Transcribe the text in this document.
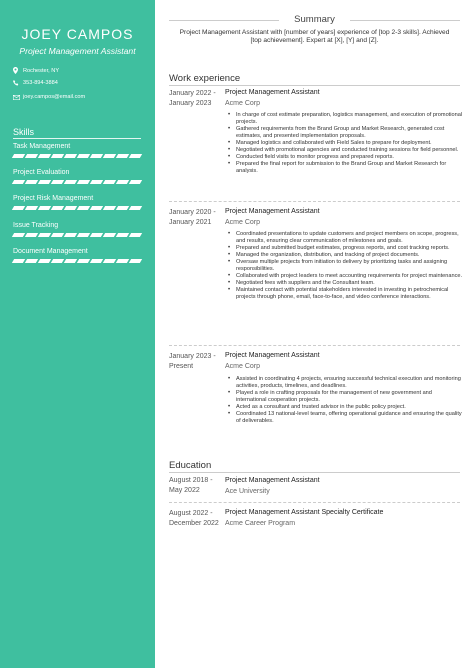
JOEY CAMPOS
Project Management Assistant
Rochester, NY
353-894-3884
joey.campos@email.com
Skills
Task Management
Project Evaluation
Project Risk Management
Issue Tracking
Document Management
Summary
Project Management Assistant with [number of years] experience of [top 2-3 skills]. Achieved [top achievement]. Expert at [X], [Y] and [Z].
Work experience
January 2022 -
January 2023
Project Management Assistant
Acme Corp
• In charge of cost estimate preparation, logistics management, and execution of promotional projects.
• Gathered requirements from the Brand Group and Market Research, generated cost estimates, and presented implementation proposals.
• Managed logistics and collaborated with Field Sales to prepare for deployment.
• Negotiated with promotional agencies and conducted training sessions for field personnel.
• Conducted field visits to monitor progress and prepared reports.
• Prepared the final report for submission to the Brand Group and Market Research for analysis.
January 2020 -
January 2021
Project Management Assistant
Acme Corp
• Coordinated presentations to update customers and project members on scope, progress, and results, ensuring clear communication of milestones and goals.
• Prepared and submitted budget estimates, progress reports, and cost tracking reports.
• Managed the organization, distribution, and tracking of project documents.
• Oversaw multiple projects from initiation to delivery by prioritizing tasks and assigning responsibilities.
• Collaborated with project leaders to meet accounting requirements for project maintenance.
• Negotiated fees with suppliers and the Consultant team.
• Maintained contact with potential stakeholders interested in investing in petrochemical projects through phone, email, face-to-face, and video conference interactions.
January 2023 -
Present
Project Management Assistant
Acme Corp
• Assisted in coordinating 4 projects, ensuring successful technical execution and monitoring activities, products, timelines, and deadlines.
• Played a role in crafting proposals for the management of new government and international cooperation projects.
• Acted as a consultant and trusted advisor in the public policy project.
• Coordinated 13 national-level teams, offering operational guidance and ensuring the quality of deliverables.
Education
August 2018 -
May 2022
Project Management Assistant
Ace University
August 2022 -
December 2022
Project Management Assistant Specialty Certificate
Acme Career Program
